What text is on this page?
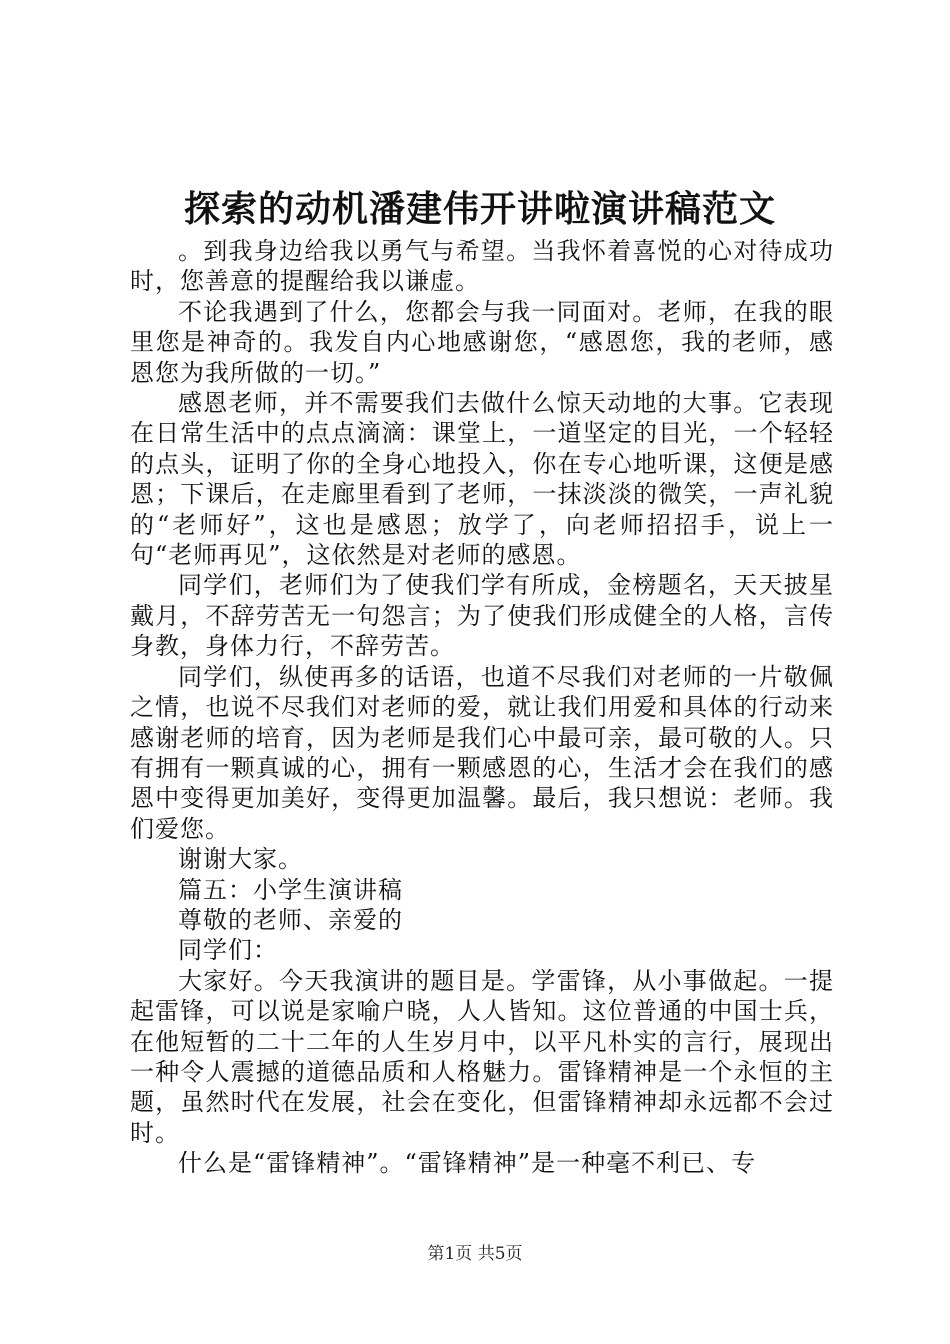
探索的动机潘建伟开讲啦演讲稿范文

。到我身边给我以勇气与希望。当我怀着喜悦的心对待成功时，您善意的提醒给我以谦虚。

不论我遇到了什么，您都会与我一同面对。老师，在我的眼里您是神奇的。我发自内心地感谢您，“感恩您，我的老师，感恩您为我所做的一切。”

感恩老师，并不需要我们去做什么惊天动地的大事。它表现在日常生活中的点点滴滴：课堂上，一道坚定的目光，一个轻轻的点头，证明了你的全身心地投入，你在专心地听课，这便是感恩；下课后，在走廊里看到了老师，一抹淡淡的微笑，一声礼貌的“老师好”，这也是感恩；放学了，向老师招招手，说上一句“老师再见”，这依然是对老师的感恩。

同学们，老师们为了使我们学有所成，金榜题名，天天披星戴月，不辞劳苦无一句怨言；为了使我们形成健全的人格，言传身教，身体力行，不辞劳苦。

同学们，纵使再多的话语，也道不尽我们对老师的一片敬佩之情，也说不尽我们对老师的爱，就让我们用爱和具体的行动来感谢老师的培育，因为老师是我们心中最可亲，最可敬的人。只有拥有一颗真诚的心，拥有一颗感恩的心，生活才会在我们的感恩中变得更加美好，变得更加温馨。最后，我只想说：老师。我们爱您。

谢谢大家。

篇五：小学生演讲稿

尊敬的老师、亲爱的

同学们：

大家好。今天我演讲的题目是。学雷锋，从小事做起。一提起雷锋，可以说是家喻户晓，人人皆知。这位普通的中国士兵，在他短暂的二十二年的人生岁月中，以平凡朴实的言行，展现出一种令人震撼的道德品质和人格魅力。雷锋精神是一个永恒的主题，虽然时代在发展，社会在变化，但雷锋精神却永远都不会过时。

什么是“雷锋精神”。“雷锋精神”是一种毫不利已、专

第1页 共5页
